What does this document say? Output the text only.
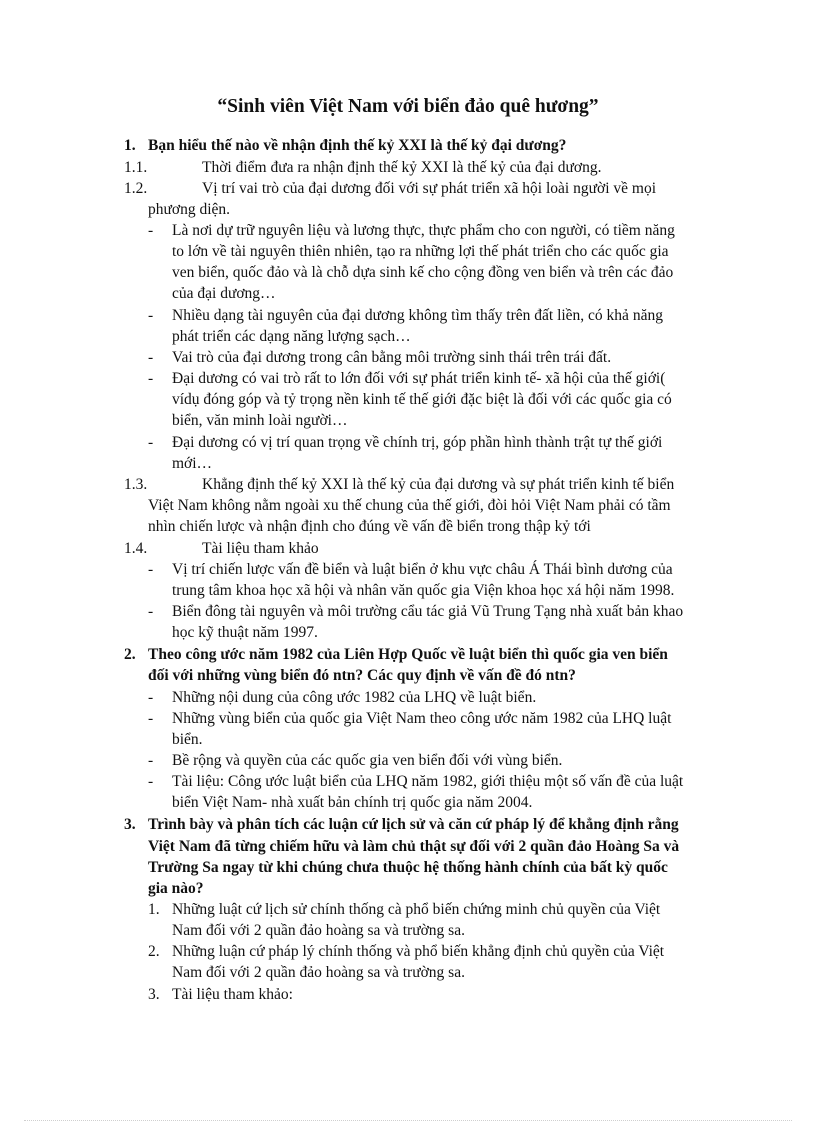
“Sinh viên Việt Nam với biển đảo quê hương”
1. Bạn hiểu thế nào về nhận định thế kỷ XXI là thế kỷ đại dương?
1.1.	Thời điểm đưa ra nhận định thế kỷ XXI là thế kỷ của đại dương.
1.2.	Vị trí vai trò của đại dương đối với sự phát triển xã hội loài người về mọi
phương diện.
- Là nơi dự trữ nguyên liệu và lương thực, thực phẩm cho con người, có tiềm năng
to lớn về tài nguyên thiên nhiên, tạo ra những lợi thế phát triển cho các quốc gia
ven biển, quốc đảo và là chỗ dựa sinh kế cho cộng đồng ven biển và trên các đảo
của đại dương…
- Nhiều dạng tài nguyên của đại dương không tìm thấy trên đất liền, có khả năng
phát triển các dạng năng lượng sạch…
- Vai trò của đại dương trong cân bằng môi trường sinh thái trên trái đất.
- Đại dương có vai trò rất to lớn đối với sự phát triển kinh tế- xã hội của thế giới(
vídụ đóng góp và tỷ trọng nền kinh tế thế giới đặc biệt là đối với các quốc gia có
biển, văn minh loài người…
- Đại dương có vị trí quan trọng về chính trị, góp phần hình thành trật tự thế giới
mới…
1.3.	Khẳng định thế kỷ XXI là thế kỷ của đại dương và sự phát triển kinh tế biển
Việt Nam không nằm ngoài xu thế chung của thế giới, đòi hỏi Việt Nam phải có tầm
nhìn chiến lược và nhận định cho đúng về vấn đề biển trong thập kỷ tới
1.4.	Tài liệu tham khảo
- Vị trí chiến lược vấn đề biển và luật biển ở khu vực châu Á Thái bình dương của
trung tâm khoa học xã hội và nhân văn quốc gia Viện khoa học xá hội năm 1998.
- Biển đông tài nguyên và môi trường cẩu tác giả Vũ Trung Tạng nhà xuất bản khao
học kỹ thuật năm 1997.
2. Theo công ước năm 1982 của Liên Hợp Quốc về luật biển thì quốc gia ven biển
đối với những vùng biển đó ntn? Các quy định về vấn đề đó ntn?
- Những nội dung của công ước 1982 của LHQ về luật biển.
- Những vùng biển của quốc gia Việt Nam theo công ước năm 1982 của LHQ luật
biển.
- Bề rộng và quyền của các quốc gia ven biển đối với vùng biển.
- Tài liệu: Công ước luật biển của LHQ năm 1982, giới thiệu một số vấn đề của luật
biển Việt Nam- nhà xuất bản chính trị quốc gia năm 2004.
3. Trình bày và phân tích các luận cứ lịch sử và căn cứ pháp lý để khẳng định rằng
Việt Nam đã từng chiếm hữu và làm chủ thật sự đối với 2 quần đảo Hoàng Sa và
Trường Sa ngay từ khi chúng chưa thuộc hệ thống hành chính của bất kỳ quốc
gia nào?
1. Những luật cứ lịch sử chính thống cà phổ biến chứng minh chủ quyền của Việt
Nam đối với 2 quần đảo hoàng sa và trường sa.
2. Những luận cứ pháp lý chính thống và phổ biến khẳng định chủ quyền của Việt
Nam đối với 2 quần đảo hoàng sa và trường sa.
3. Tài liệu tham khảo:
